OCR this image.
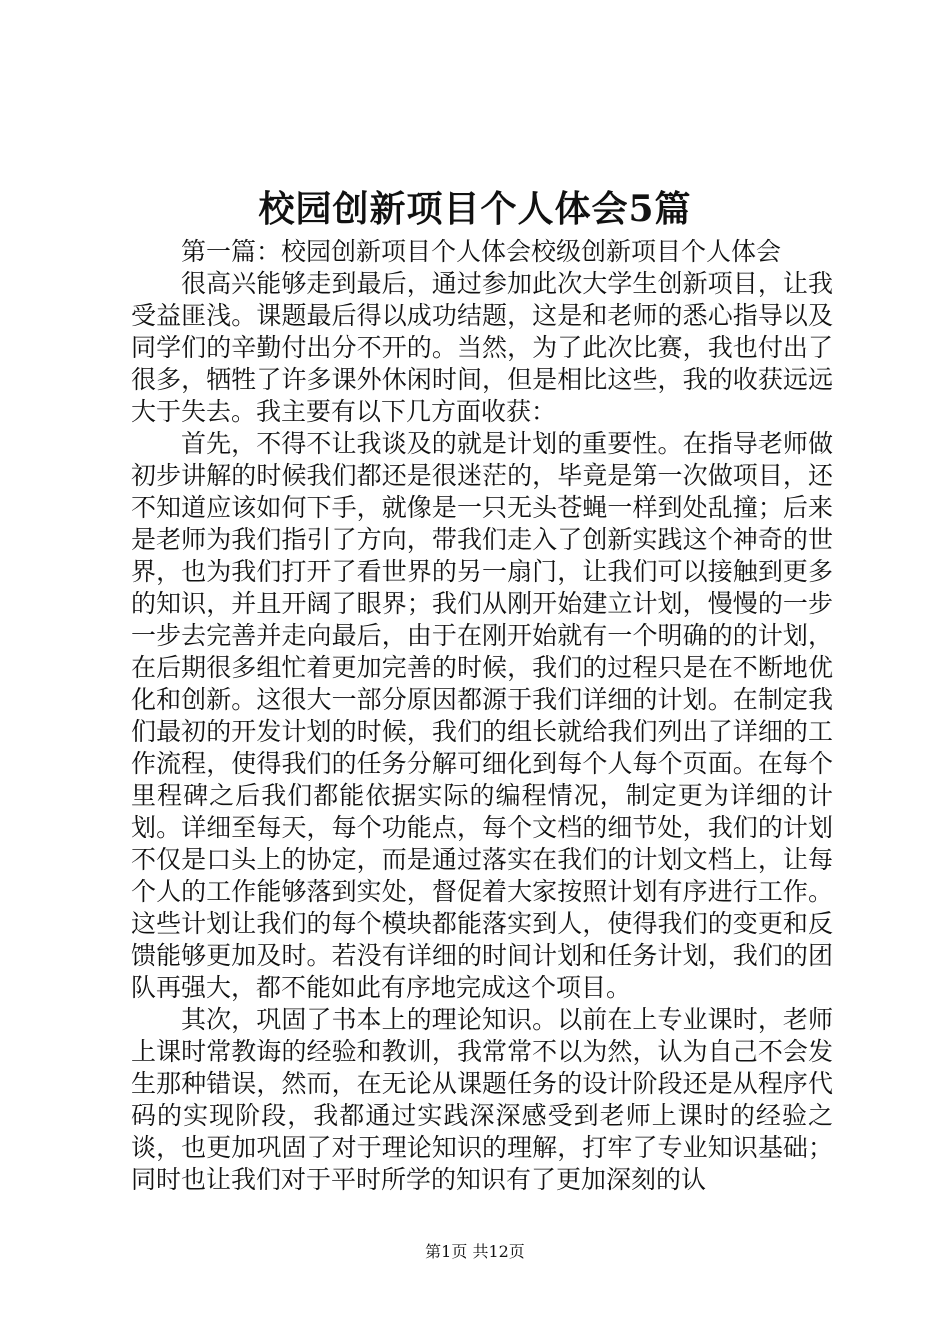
校园创新项目个人体会5篇

第一篇：校园创新项目个人体会校级创新项目个人体会

很高兴能够走到最后，通过参加此次大学生创新项目，让我受益匪浅。课题最后得以成功结题，这是和老师的悉心指导以及同学们的辛勤付出分不开的。当然，为了此次比赛，我也付出了很多，牺牲了许多课外休闲时间，但是相比这些，我的收获远远大于失去。我主要有以下几方面收获：

首先，不得不让我谈及的就是计划的重要性。在指导老师做初步讲解的时候我们都还是很迷茫的，毕竟是第一次做项目，还不知道应该如何下手，就像是一只无头苍蝇一样到处乱撞；后来是老师为我们指引了方向，带我们走入了创新实践这个神奇的世界，也为我们打开了看世界的另一扇门，让我们可以接触到更多的知识，并且开阔了眼界；我们从刚开始建立计划，慢慢的一步一步去完善并走向最后，由于在刚开始就有一个明确的的计划，在后期很多组忙着更加完善的时候，我们的过程只是在不断地优化和创新。这很大一部分原因都源于我们详细的计划。在制定我们最初的开发计划的时候，我们的组长就给我们列出了详细的工作流程，使得我们的任务分解可细化到每个人每个页面。在每个里程碑之后我们都能依据实际的编程情况，制定更为详细的计划。详细至每天，每个功能点，每个文档的细节处，我们的计划不仅是口头上的协定，而是通过落实在我们的计划文档上，让每个人的工作能够落到实处，督促着大家按照计划有序进行工作。这些计划让我们的每个模块都能落实到人，使得我们的变更和反馈能够更加及时。若没有详细的时间计划和任务计划，我们的团队再强大，都不能如此有序地完成这个项目。

其次，巩固了书本上的理论知识。以前在上专业课时，老师上课时常教诲的经验和教训，我常常不以为然，认为自己不会发生那种错误，然而，在无论从课题任务的设计阶段还是从程序代码的实现阶段，我都通过实践深深感受到老师上课时的经验之谈，也更加巩固了对于理论知识的理解，打牢了专业知识基础；同时也让我们对于平时所学的知识有了更加深刻的认

第1页 共12页
